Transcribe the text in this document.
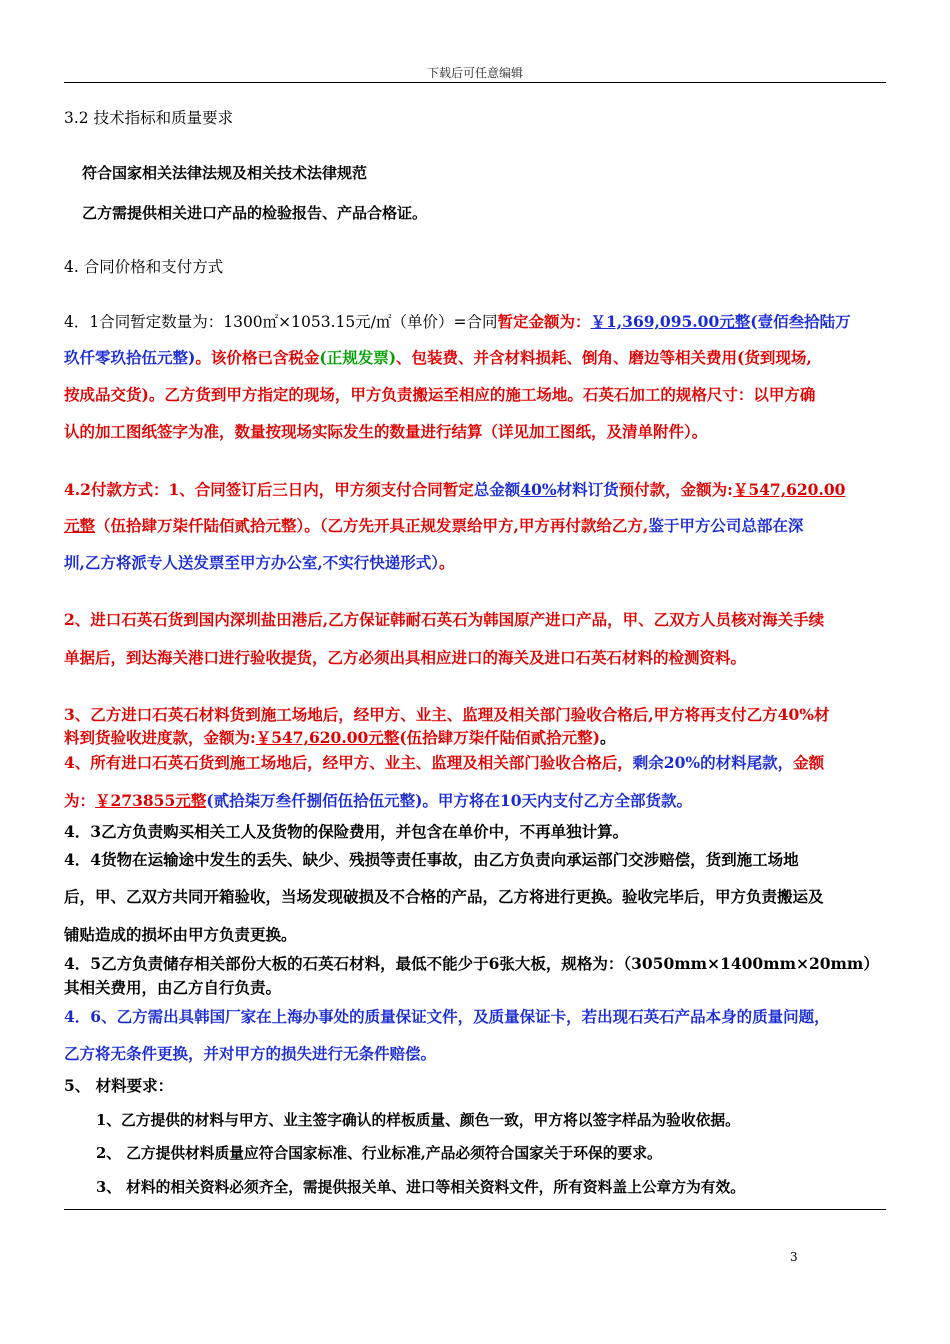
下载后可任意编辑
3.2 技术指标和质量要求
符合国家相关法律法规及相关技术法律规范
乙方需提供相关进口产品的检验报告、产品合格证。
4. 合同价格和支付方式
4．1合同暂定数量为：1300㎡×1053.15元/㎡（单价）=合同暂定金额为：￥1,369,095.00元整(壹佰叁拾陆万
玖仟零玖拾伍元整)。该价格已含税金(正规发票)、包装费、并含材料损耗、倒角、磨边等相关费用(货到现场,
按成品交货)。乙方货到甲方指定的现场，甲方负责搬运至相应的施工场地。石英石加工的规格尺寸：以甲方确
认的加工图纸签字为准，数量按现场实际发生的数量进行结算（详见加工图纸，及清单附件）。
4.2付款方式：1、合同签订后三日内，甲方须支付合同暂定总金额40%材料订货预付款，金额为:￥547,620.00
元整（伍拾肆万柒仟陆佰贰拾元整）。（乙方先开具正规发票给甲方,甲方再付款给乙方,鉴于甲方公司总部在深
圳,乙方将派专人送发票至甲方办公室,不实行快递形式）。
2、进口石英石货到国内深圳盐田港后,乙方保证韩耐石英石为韩国原产进口产品，甲、乙双方人员核对海关手续
单据后，到达海关港口进行验收提货，乙方必须出具相应进口的海关及进口石英石材料的检测资料。
3、乙方进口石英石材料货到施工场地后，经甲方、业主、监理及相关部门验收合格后,甲方将再支付乙方40%材
料到货验收进度款，金额为:￥547,620.00元整(伍拾肆万柒仟陆佰贰拾元整)。
4、所有进口石英石货到施工场地后，经甲方、业主、监理及相关部门验收合格后，剩余20%的材料尾款，金额
为：￥273855元整(贰拾柒万叁仟捌佰伍拾伍元整)。甲方将在10天内支付乙方全部货款。
4．3乙方负责购买相关工人及货物的保险费用，并包含在单价中，不再单独计算。
4．4货物在运输途中发生的丢失、缺少、残损等责任事故，由乙方负责向承运部门交涉赔偿，货到施工场地
后，甲、乙双方共同开箱验收，当场发现破损及不合格的产品，乙方将进行更换。验收完毕后，甲方负责搬运及
铺贴造成的损坏由甲方负责更换。
4．5乙方负责储存相关部份大板的石英石材料，最低不能少于6张大板，规格为：（3050mm×1400mm×20mm）
其相关费用，由乙方自行负责。
4．6、乙方需出具韩国厂家在上海办事处的质量保证文件，及质量保证卡，若出现石英石产品本身的质量问题，
乙方将无条件更换，并对甲方的损失进行无条件赔偿。
5、 材料要求：
1、乙方提供的材料与甲方、业主签字确认的样板质量、颜色一致，甲方将以签字样品为验收依据。
2、 乙方提供材料质量应符合国家标准、行业标准,产品必须符合国家关于环保的要求。
3、 材料的相关资料必须齐全，需提供报关单、进口等相关资料文件，所有资料盖上公章方为有效。
3
